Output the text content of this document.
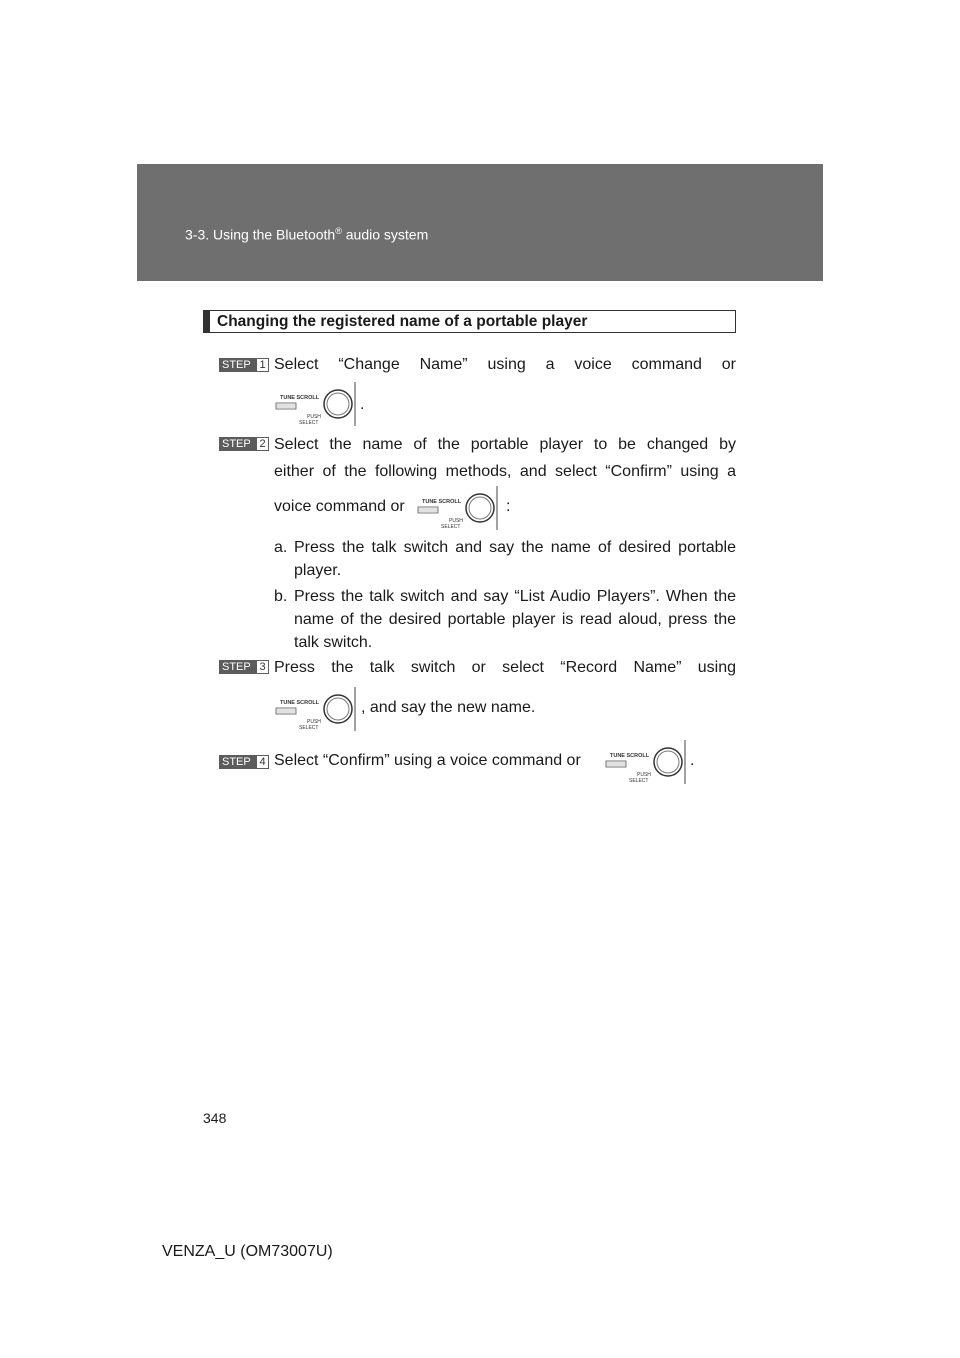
3-3. Using the Bluetooth® audio system
Changing the registered name of a portable player
STEP 1 Select “Change Name” using a voice command or
TUNE SCROLL
PUSH
SELECT
.
STEP 2 Select the name of the portable player to be changed by
either of the following methods, and select “Confirm” using a
voice command or	TUNE SCROLL
PUSH
SELECT
:
a. Press the talk switch and say the name of desired portable player.
b. Press the talk switch and say “List Audio Players”. When the name of the desired portable player is read aloud, press the talk switch.
STEP 3 Press the talk switch or select “Record Name” using
TUNE SCROLL
PUSH
SELECT
, and say the new name.
STEP 4 Select “Confirm” using a voice command or	TUNE SCROLL
PUSH
SELECT
.
348
VENZA_U (OM73007U)
